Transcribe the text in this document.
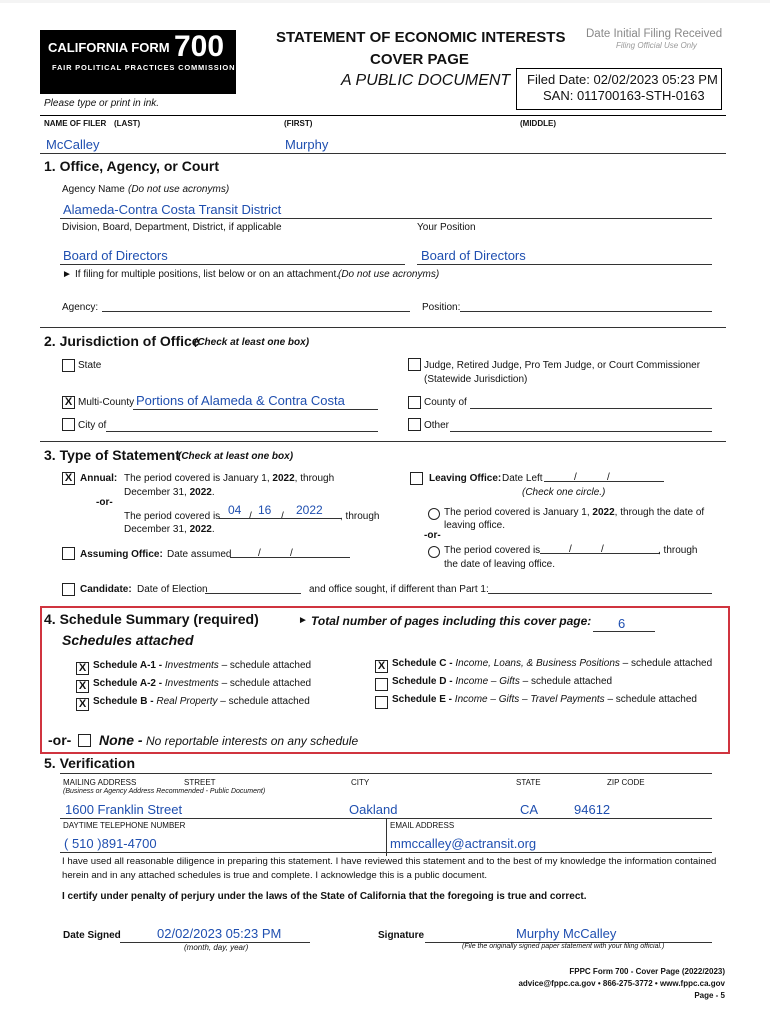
CALIFORNIA FORM 700
FAIR POLITICAL PRACTICES COMMISSION
STATEMENT OF ECONOMIC INTERESTS
COVER PAGE
A PUBLIC DOCUMENT
Date Initial Filing Received
Filing Official Use Only
Filed Date: 02/02/2023 05:23 PM
SAN: 011700163-STH-0163
Please type or print in ink.
NAME OF FILER (LAST)	(FIRST)	(MIDDLE)
McCalley	Murphy
1. Office, Agency, or Court
Agency Name (Do not use acronyms)
Alameda-Contra Costa Transit District
Division, Board, Department, District, if applicable	Your Position
Board of Directors	Board of Directors
► If filing for multiple positions, list below or on an attachment.
(Do not use acronyms)
Agency:	Position:
2. Jurisdiction of Office
(Check at least one box)
State	Judge, Retired Judge, Pro Tem Judge, or Court Commissioner
(Statewide Jurisdiction)
X Multi-County Portions of Alameda & Contra Costa	County of
City of	Other
3. Type of Statement
(Check at least one box)
X Annual: The period covered is January 1, 2022, through
December 31, 2022.
-or-
The period covered is 04 / 16 / 2022 , through
December 31, 2022.
Assuming Office: Date assumed	/	/
Leaving Office: Date Left	/	/
(Check one circle.)
The period covered is January 1, 2022, through the date of
leaving office.
-or-
The period covered is	/	/	, through
the date of leaving office.
Candidate: Date of Election	and office sought, if different than Part 1:
4. Schedule Summary (required)	► Total number of pages including this cover page: 6
Schedules attached
X Schedule A-1 - Investments – schedule attached
X Schedule A-2 - Investments – schedule attached
X Schedule B - Real Property – schedule attached
X Schedule C - Income, Loans, & Business Positions – schedule attached
Schedule D - Income – Gifts – schedule attached
Schedule E - Income – Gifts – Travel Payments – schedule attached
-or- None - No reportable interests on any schedule
5. Verification
MAILING ADDRESS	STREET	CITY	STATE	ZIP CODE
(Business or Agency Address Recommended - Public Document)
1600 Franklin Street	Oakland	CA	94612
DAYTIME TELEPHONE NUMBER	EMAIL ADDRESS
( 510 )891-4700	mmccalley@actransit.org
I have used all reasonable diligence in preparing this statement. I have reviewed this statement and to the best of my knowledge the information contained
herein and in any attached schedules is true and complete. I acknowledge this is a public document.
I certify under penalty of perjury under the laws of the State of California that the foregoing is true and correct.
Date Signed	02/02/2023 05:23 PM
(month, day, year)
Signature	Murphy McCalley
(File the originally signed paper statement with your filing official.)
FPPC Form 700 - Cover Page (2022/2023)
advice@fppc.ca.gov • 866-275-3772 • www.fppc.ca.gov
Page - 5
